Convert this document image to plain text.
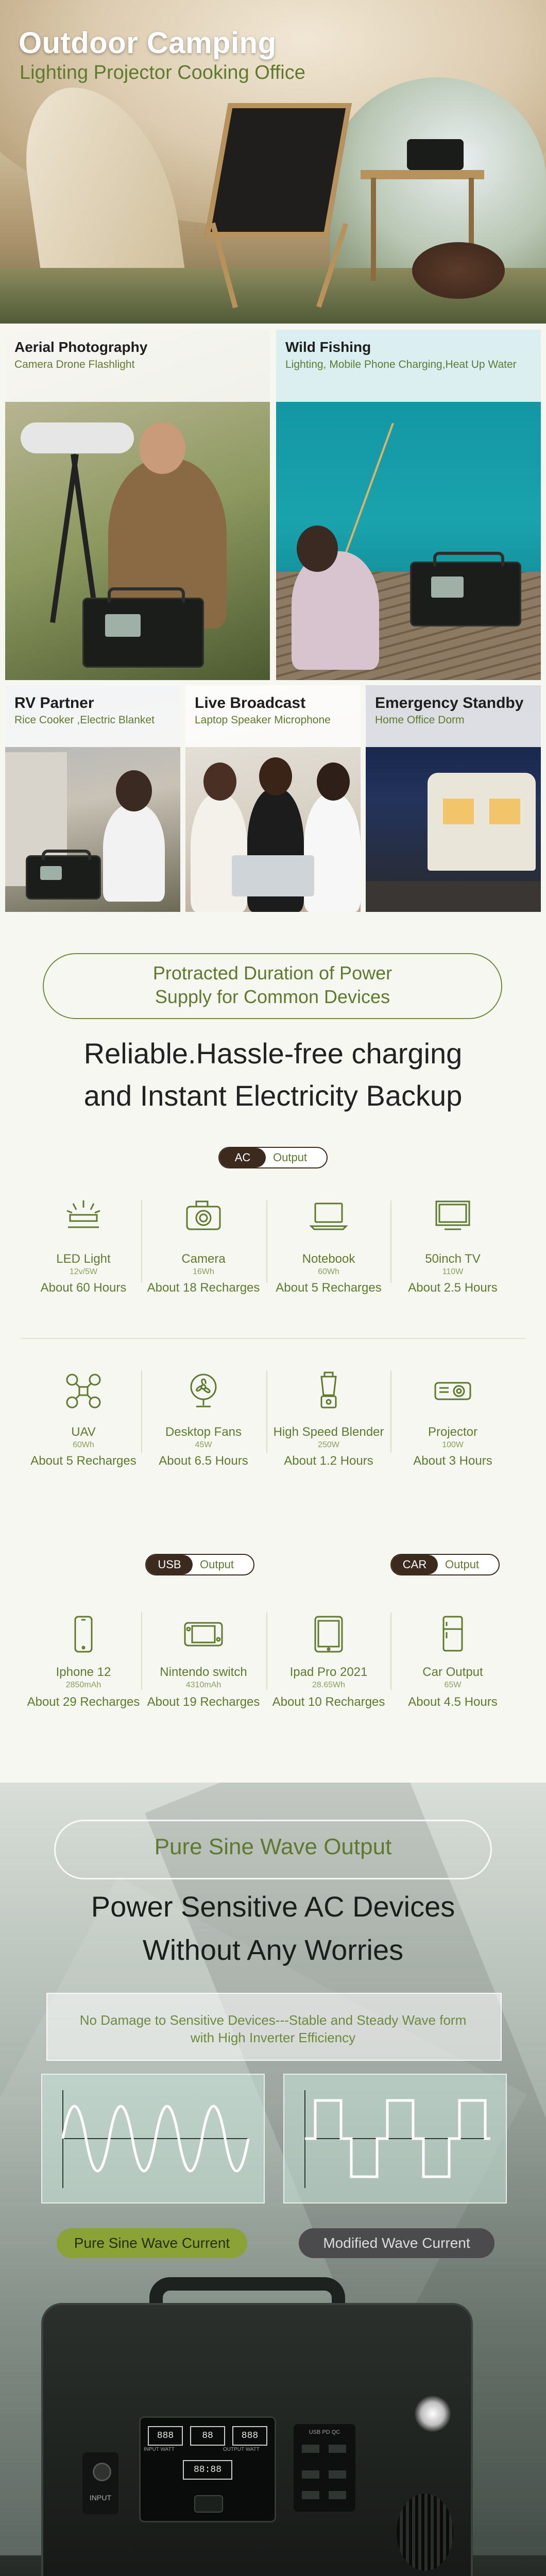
Outdoor Camping
Lighting Projector Cooking Office
Aerial Photography
Camera Drone Flashlight
Wild Fishing
Lighting, Mobile Phone Charging,Heat Up Water
RV Partner
Rice Cooker ,Electric Blanket
Live Broadcast
Laptop Speaker Microphone
Emergency Standby
Home Office Dorm
Protracted Duration of Power
Supply for Common Devices
Reliable.Hassle-free charging
and Instant Electricity Backup
AC	Output
LED Light
12v/5W
About 60 Hours
Camera
16Wh
About 18 Recharges
Notebook
60Wh
About 5 Recharges
50inch TV
110W
About 2.5 Hours
UAV
60Wh
About 5 Recharges
Desktop Fans
45W
About 6.5 Hours
High Speed Blender
250W
About 1.2 Hours
Projector
100W
About 3 Hours
USB	Output	CAR	Output
Iphone 12
2850mAh
About 29 Recharges
Nintendo switch
4310mAh
About 19 Recharges
Ipad Pro 2021
28.65Wh
About 10 Recharges
Car Output
65W
About 4.5 Hours
Pure Sine Wave Output
Power Sensitive AC Devices
Without Any Worries
No Damage to Sensitive Devices---Stable and Steady Wave form
with High Inverter Efficiency
Pure Sine Wave Current	Modified Wave Current
INPUT
888	88	888
INPUT WATT	OUTPUT WATT
88:88
USB PD QC
